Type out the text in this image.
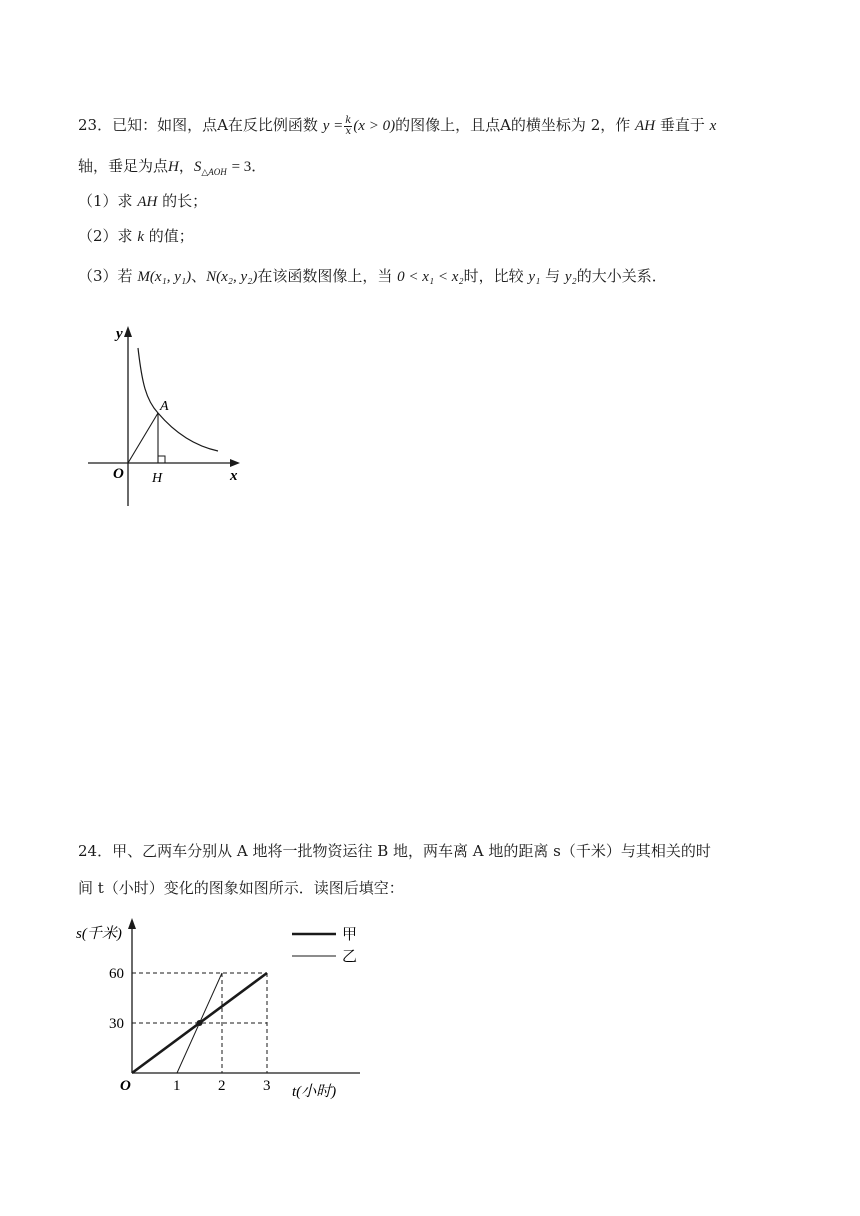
23．已知：如图，点A在反比例函数 $y = \frac{k}{x} (x > 0)$的图像上，且点A的横坐标为 2，作 AH 垂直于 x
轴，垂足为点H，$S_{\triangle AOH} = 3$．
（1）求 AH 的长；
（2）求 k 的值；
（3）若 M(x₁, y₁)、N(x₂, y₂)在该函数图像上，当 0 < x₁ < x₂时，比较 y₁ 与 y₂的大小关系．
y
x
O
A
H
24．甲、乙两车分别从 A 地将一批物资运往 B 地，两车离 A 地的距离 s（千米）与其相关的时
间 t（小时）变化的图象如图所示．读图后填空：
1	2	3
30
60
s(千米)
t(小时)
O
甲
乙
